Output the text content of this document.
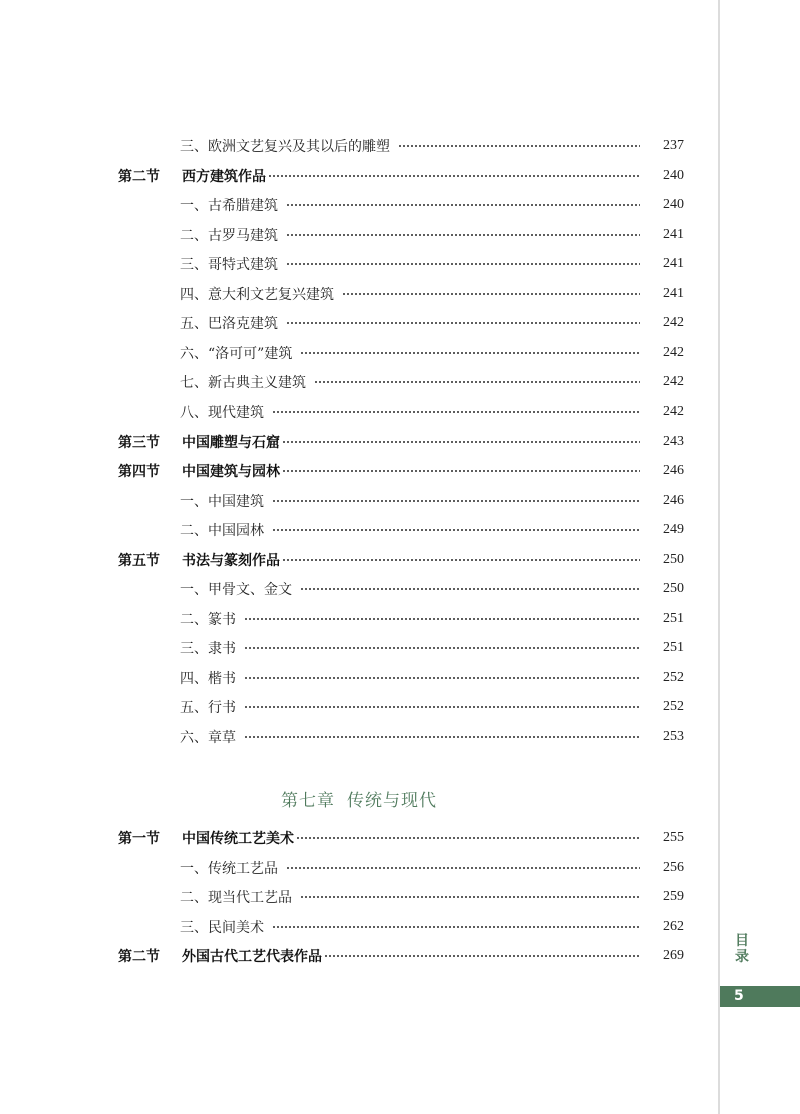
三、欧洲文艺复兴及其以后的雕塑	237
第二节	西方建筑作品	240
一、古希腊建筑	240
二、古罗马建筑	241
三、哥特式建筑	241
四、意大利文艺复兴建筑	241
五、巴洛克建筑	242
六、“洛可可”建筑	242
七、新古典主义建筑	242
八、现代建筑	242
第三节	中国雕塑与石窟	243
第四节	中国建筑与园林	246
一、中国建筑	246
二、中国园林	249
第五节	书法与篆刻作品	250
一、甲骨文、金文	250
二、篆书	251
三、隶书	251
四、楷书	252
五、行书	252
六、章草	253
第七章 传统与现代
第一节	中国传统工艺美术	255
一、传统工艺品	256
二、现当代工艺品	259
三、民间美术	262
第二节	外国古代工艺代表作品	269
目
录
5
